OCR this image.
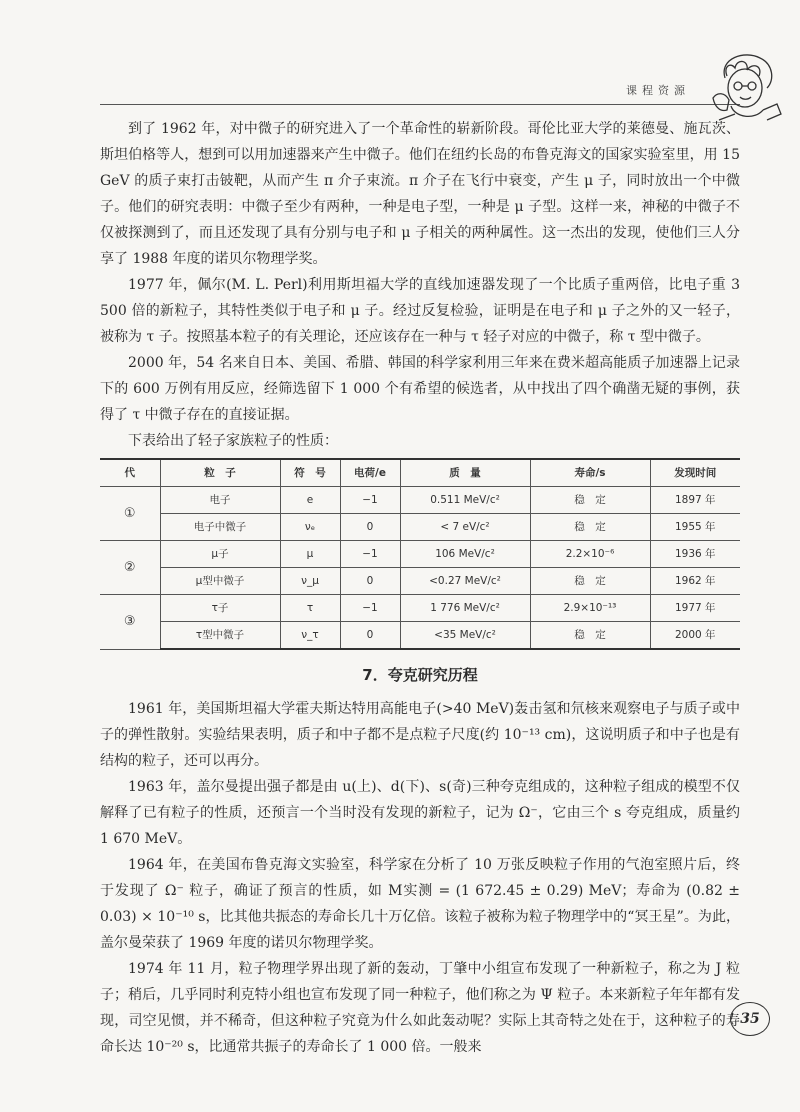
课程资源

到了 1962 年，对中微子的研究进入了一个革命性的崭新阶段。哥伦比亚大学的莱德曼、施瓦茨、斯坦伯格等人，想到可以用加速器来产生中微子。他们在纽约长岛的布鲁克海文的国家实验室里，用 15 GeV 的质子束打击铍靶，从而产生 π 介子束流。π 介子在飞行中衰变，产生 μ 子，同时放出一个中微子。他们的研究表明：中微子至少有两种，一种是电子型，一种是 μ 子型。这样一来，神秘的中微子不仅被探测到了，而且还发现了具有分别与电子和 μ 子相关的两种属性。这一杰出的发现，使他们三人分享了 1988 年度的诺贝尔物理学奖。

1977 年，佩尔(M. L. Perl)利用斯坦福大学的直线加速器发现了一个比质子重两倍，比电子重 3 500 倍的新粒子，其特性类似于电子和 μ 子。经过反复检验，证明是在电子和 μ 子之外的又一轻子，被称为 τ 子。按照基本粒子的有关理论，还应该存在一种与 τ 轻子对应的中微子，称 τ 型中微子。

2000 年，54 名来自日本、美国、希腊、韩国的科学家利用三年来在费米超高能质子加速器上记录下的 600 万例有用反应，经筛选留下 1 000 个有希望的候选者，从中找出了四个确凿无疑的事例，获得了 τ 中微子存在的直接证据。

下表给出了轻子家族粒子的性质：

代	粒　子	符　号	电荷/e	质　量	寿命/s	发现时间
①	电子	e	−1	0.511 MeV/c²	稳　定	1897 年
	电子中微子	νₑ	0	< 7 eV/c²	稳　定	1955 年
②	μ子	μ	−1	106 MeV/c²	2.2×10⁻⁶	1936 年
	μ型中微子	ν_μ	0	<0.27 MeV/c²	稳　定	1962 年
③	τ子	τ	−1	1 776 MeV/c²	2.9×10⁻¹³	1977 年
	τ型中微子	ν_τ	0	<35 MeV/c²	稳　定	2000 年
7．夸克研究历程

1961 年，美国斯坦福大学霍夫斯达特用高能电子(>40 MeV)轰击氢和氘核来观察电子与质子或中子的弹性散射。实验结果表明，质子和中子都不是点粒子尺度(约 10⁻¹³ cm)，这说明质子和中子也是有结构的粒子，还可以再分。

1963 年，盖尔曼提出强子都是由 u(上)、d(下)、s(奇)三种夸克组成的，这种粒子组成的模型不仅解释了已有粒子的性质，还预言一个当时没有发现的新粒子，记为 Ω⁻，它由三个 s 夸克组成，质量约 1 670 MeV。

1964 年，在美国布鲁克海文实验室，科学家在分析了 10 万张反映粒子作用的气泡室照片后，终于发现了 Ω⁻ 粒子，确证了预言的性质，如 M实测 = (1 672.45 ± 0.29) MeV；寿命为 (0.82 ± 0.03) × 10⁻¹⁰ s，比其他共振态的寿命长几十万亿倍。该粒子被称为粒子物理学中的“冥王星”。为此，盖尔曼荣获了 1969 年度的诺贝尔物理学奖。

1974 年 11 月，粒子物理学界出现了新的轰动，丁肇中小组宣布发现了一种新粒子，称之为 J 粒子；稍后，几乎同时利克特小组也宣布发现了同一种粒子，他们称之为 Ψ 粒子。本来新粒子年年都有发现，司空见惯，并不稀奇，但这种粒子究竟为什么如此轰动呢？实际上其奇特之处在于，这种粒子的寿命长达 10⁻²⁰ s，比通常共振子的寿命长了 1 000 倍。一般来

35
